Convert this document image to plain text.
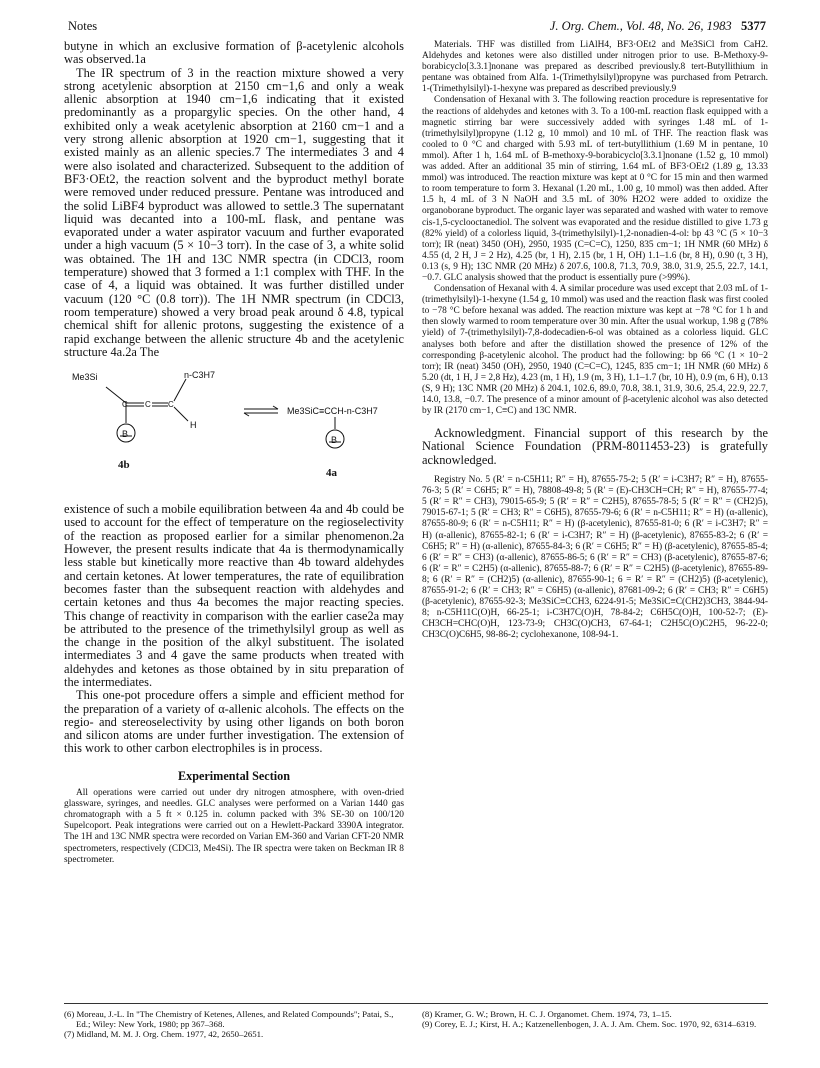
Notes	J. Org. Chem., Vol. 48, No. 26, 1983 5377

butyne in which an exclusive formation of β-acetylenic alcohols was observed.1a

The IR spectrum of 3 in the reaction mixture showed a very strong acetylenic absorption at 2150 cm−1,6 and only a weak allenic absorption at 1940 cm−1,6 indicating that it existed predominantly as a propargylic species. On the other hand, 4 exhibited only a weak acetylenic absorption at 2160 cm−1 and a very strong allenic absorption at 1920 cm−1, suggesting that it existed mainly as an allenic species.7 The intermediates 3 and 4 were also isolated and characterized. Subsequent to the addition of BF3·OEt2, the reaction solvent and the byproduct methyl borate were removed under reduced pressure. Pentane was introduced and the solid LiBF4 byproduct was allowed to settle.3 The supernatant liquid was decanted into a 100-mL flask, and pentane was evaporated under a water aspirator vacuum and further evaporated under a high vacuum (5 × 10−3 torr). In the case of 3, a white solid was obtained. The 1H and 13C NMR spectra (in CDCl3, room temperature) showed that 3 formed a 1:1 complex with THF. In the case of 4, a liquid was obtained. It was further distilled under vacuum (120 °C (0.8 torr)). The 1H NMR spectrum (in CDCl3, room temperature) showed a very broad peak around δ 4.8, typical chemical shift for allenic protons, suggesting the existence of a rapid exchange between the allenic structure 4b and the acetylenic structure 4a.2a The

Me3Si	n-C3H7
C C C
H
B
Me3SiC≡CCH-n-C3H7
B
4b
4a

existence of such a mobile equilibration between 4a and 4b could be used to account for the effect of temperature on the regioselectivity of the reaction as proposed earlier for a similar phenomenon.2a However, the present results indicate that 4a is thermodynamically less stable but kinetically more reactive than 4b toward aldehydes and certain ketones. At lower temperatures, the rate of equilibration becomes faster than the subsequent reaction with aldehydes and certain ketones and thus 4a becomes the major reacting species. This change of reactivity in comparison with the earlier case2a may be attributed to the presence of the trimethylsilyl group as well as the change in the position of the alkyl substituent. The isolated intermediates 3 and 4 gave the same products when treated with aldehydes and ketones as those obtained by in situ preparation of the intermediates.

This one-pot procedure offers a simple and efficient method for the preparation of a variety of α-allenic alcohols. The effects on the regio- and stereoselectivity by using other ligands on both boron and silicon atoms are under further investigation. The extension of this work to other carbon electrophiles is in process.

Experimental Section

All operations were carried out under dry nitrogen atmosphere, with oven-dried glassware, syringes, and needles. GLC analyses were performed on a Varian 1440 gas chromatograph with a 5 ft × 0.125 in. column packed with 3% SE-30 on 100/120 Supelcoport. Peak integrations were carried out on a Hewlett-Packard 3390A integrator. The 1H and 13C NMR spectra were recorded on Varian EM-360 and Varian CFT-20 NMR spectrometers, respectively (CDCl3, Me4Si). The IR spectra were taken on Beckman IR 8 spectrometer.

Materials. THF was distilled from LiAlH4, BF3·OEt2 and Me3SiCl from CaH2. Aldehydes and ketones were also distilled under nitrogen prior to use. B-Methoxy-9-borabicyclo[3.3.1]nonane was prepared as described previously.8 tert-Butyllithium in pentane was obtained from Alfa. 1-(Trimethylsilyl)propyne was purchased from Petrarch. 1-(Trimethylsilyl)-1-hexyne was prepared as described previously.9

Condensation of Hexanal with 3. The following reaction procedure is representative for the reactions of aldehydes and ketones with 3. To a 100-mL reaction flask equipped with a magnetic stirring bar were successively added with syringes 1.48 mL of 1-(trimethylsilyl)propyne (1.12 g, 10 mmol) and 10 mL of THF. The reaction flask was cooled to 0 °C and charged with 5.93 mL of tert-butyllithium (1.69 M in pentane, 10 mmol). After 1 h, 1.64 mL of B-methoxy-9-borabicyclo[3.3.1]nonane (1.52 g, 10 mmol) was added. After an additional 35 min of stirring, 1.64 mL of BF3·OEt2 (1.89 g, 13.33 mmol) was introduced. The reaction mixture was kept at 0 °C for 15 min and then warmed to room temperature to form 3. Hexanal (1.20 mL, 1.00 g, 10 mmol) was then added. After 1.5 h, 4 mL of 3 N NaOH and 3.5 mL of 30% H2O2 were added to oxidize the organoborane byproduct. The organic layer was separated and washed with water to remove cis-1,5-cyclooctanediol. The solvent was evaporated and the residue distilled to give 1.73 g (82% yield) of a colorless liquid, 3-(trimethylsilyl)-1,2-nonadien-4-ol: bp 43 °C (5 × 10−3 torr); IR (neat) 3450 (OH), 2950, 1935 (C=C=C), 1250, 835 cm−1; 1H NMR (60 MHz) δ 4.55 (d, 2 H, J = 2 Hz), 4.25 (br, 1 H), 2.15 (br, 1 H, OH) 1.1–1.6 (br, 8 H), 0.90 (t, 3 H), 0.13 (s, 9 H); 13C NMR (20 MHz) δ 207.6, 100.8, 71.3, 70.9, 38.0, 31.9, 25.5, 22.7, 14.1, −0.7. GLC analysis showed that the product is essentially pure (>99%).

Condensation of Hexanal with 4. A similar procedure was used except that 2.03 mL of 1-(trimethylsilyl)-1-hexyne (1.54 g, 10 mmol) was used and the reaction flask was first cooled to −78 °C before hexanal was added. The reaction mixture was kept at −78 °C for 1 h and then slowly warmed to room temperature over 30 min. After the usual workup, 1.98 g (78% yield) of 7-(trimethylsilyl)-7,8-dodecadien-6-ol was obtained as a colorless liquid. GLC analyses both before and after the distillation showed the presence of 12% of the corresponding β-acetylenic alcohol. The product had the following: bp 66 °C (1 × 10−2 torr); IR (neat) 3450 (OH), 2950, 1940 (C=C=C), 1245, 835 cm−1; 1H NMR (60 MHz) δ 5.20 (dt, 1 H, J = 2,8 Hz), 4.23 (m, 1 H), 1.9 (m, 3 H), 1.1–1.7 (br, 10 H), 0.9 (m, 6 H), 0.13 (S, 9 H); 13C NMR (20 MHz) δ 204.1, 102.6, 89.0, 70.8, 38.1, 31.9, 30.6, 25.4, 22.9, 22.7, 14.0, 13.8, −0.7. The presence of a minor amount of β-acetylenic alcohol was also detected by IR (2170 cm−1, C≡C) and 13C NMR.

Acknowledgment. Financial support of this research by the National Science Foundation (PRM-8011453-23) is gratefully acknowledged.

Registry No. 5 (R′ = n-C5H11; R″ = H), 87655-75-2; 5 (R′ = i-C3H7; R″ = H), 87655-76-3; 5 (R′ = C6H5; R″ = H), 78808-49-8; 5 (R′ = (E)-CH3CH=CH; R″ = H), 87655-77-4; 5 (R′ = R″ = CH3), 79015-65-9; 5 (R′ = R″ = C2H5), 87655-78-5; 5 (R′ = R″ = (CH2)5), 79015-67-1; 5 (R′ = CH3; R″ = C6H5), 87655-79-6; 6 (R′ = n-C5H11; R″ = H) (α-allenic), 87655-80-9; 6 (R′ = n-C5H11; R″ = H) (β-acetylenic), 87655-81-0; 6 (R′ = i-C3H7; R″ = H) (α-allenic), 87655-82-1; 6 (R′ = i-C3H7; R″ = H) (β-acetylenic), 87655-83-2; 6 (R′ = C6H5; R″ = H) (α-allenic), 87655-84-3; 6 (R′ = C6H5; R″ = H) (β-acetylenic), 87655-85-4; 6 (R′ = R″ = CH3) (α-allenic), 87655-86-5; 6 (R′ = R″ = CH3) (β-acetylenic), 87655-87-6; 6 (R′ = R″ = C2H5) (α-allenic), 87655-88-7; 6 (R′ = R″ = C2H5) (β-acetylenic), 87655-89-8; 6 (R′ = R″ = (CH2)5) (α-allenic), 87655-90-1; 6 = R′ = R″ = (CH2)5) (β-acetylenic), 87655-91-2; 6 (R′ = CH3; R″ = C6H5) (α-allenic), 87681-09-2; 6 (R′ = CH3; R″ = C6H5) (β-acetylenic), 87655-92-3; Me3SiC≡CCH3, 6224-91-5; Me3SiC≡C(CH2)3CH3, 3844-94-8; n-C5H11C(O)H, 66-25-1; i-C3H7C(O)H, 78-84-2; C6H5C(O)H, 100-52-7; (E)-CH3CH=CHC(O)H, 123-73-9; CH3C(O)CH3, 67-64-1; C2H5C(O)C2H5, 96-22-0; CH3C(O)C6H5, 98-86-2; cyclohexanone, 108-94-1.

(6) Moreau, J.-L. In "The Chemistry of Ketenes, Allenes, and Related Compounds"; Patai, S., Ed.; Wiley: New York, 1980; pp 367–368.
(7) Midland, M. M. J. Org. Chem. 1977, 42, 2650–2651.
(8) Kramer, G. W.; Brown, H. C. J. Organomet. Chem. 1974, 73, 1–15.
(9) Corey, E. J.; Kirst, H. A.; Katzenellenbogen, J. A. J. Am. Chem. Soc. 1970, 92, 6314–6319.
